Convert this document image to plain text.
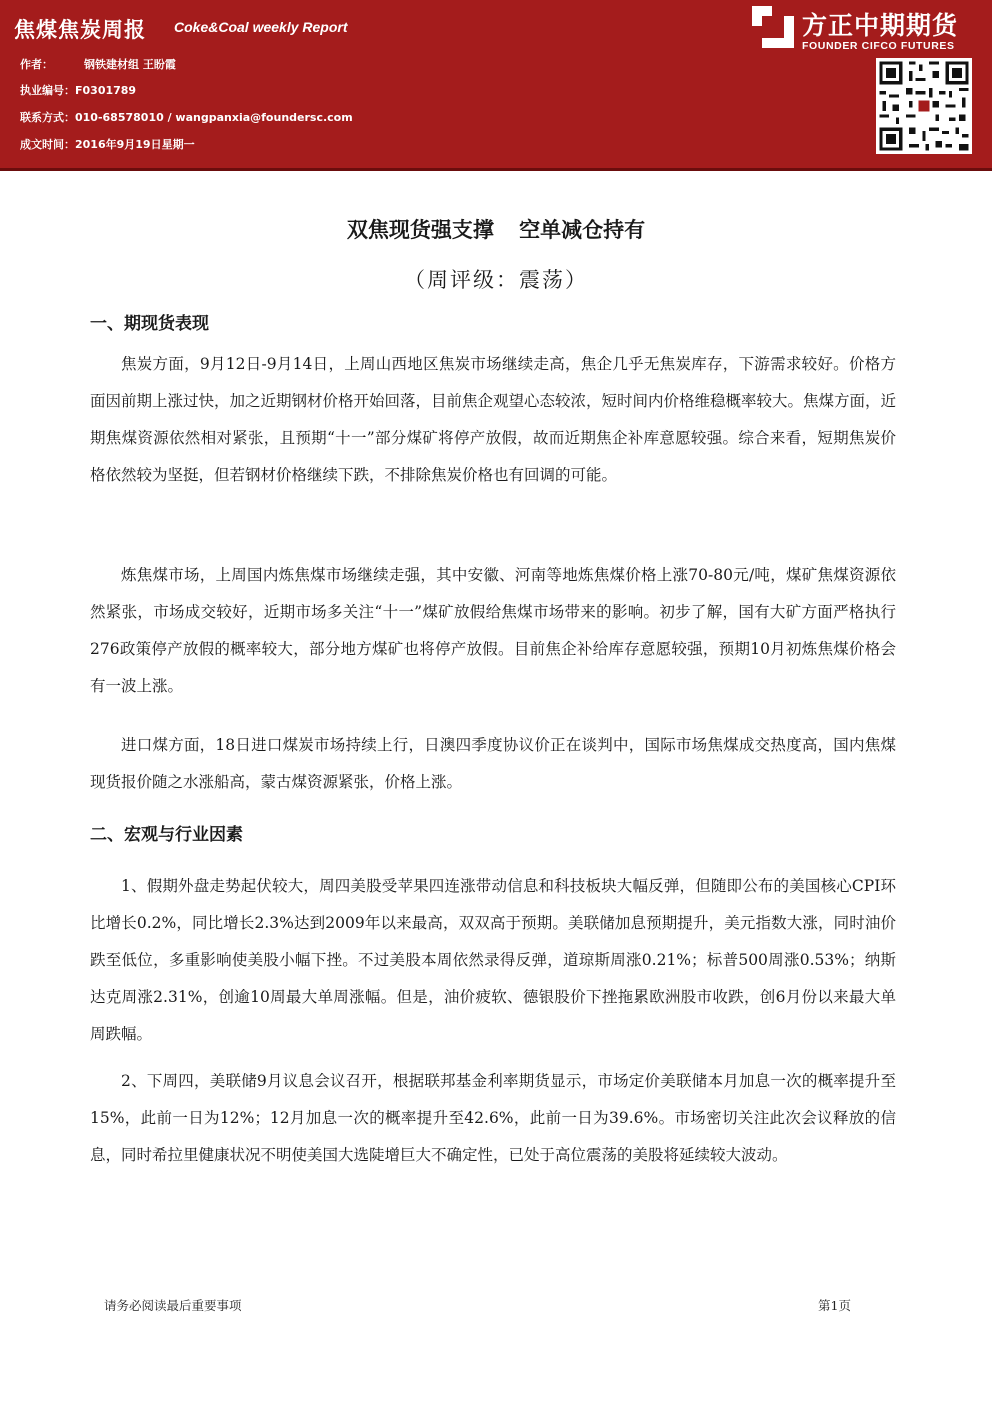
焦煤焦炭周报 Coke&Coal weekly Report
作者：	钢铁建材组 王盼霞
执业编号：F0301789
联系方式：010-68578010 / wangpanxia@foundersc.com
成文时间：2016年9月19日星期一
方正中期期货
FOUNDER CIFCO FUTURES
双焦现货强支撑 空单减仓持有
（周评级：震荡）
一、期现货表现

焦炭方面，9月12日-9月14日，上周山西地区焦炭市场继续走高，焦企几乎无焦炭库存，下游需求较好。价格方面因前期上涨过快，加之近期钢材价格开始回落，目前焦企观望心态较浓，短时间内价格维稳概率较大。焦煤方面，近期焦煤资源依然相对紧张，且预期“十一”部分煤矿将停产放假，故而近期焦企补库意愿较强。综合来看，短期焦炭价格依然较为坚挺，但若钢材价格继续下跌，不排除焦炭价格也有回调的可能。

炼焦煤市场，上周国内炼焦煤市场继续走强，其中安徽、河南等地炼焦煤价格上涨70-80元/吨，煤矿焦煤资源依然紧张，市场成交较好，近期市场多关注“十一”煤矿放假给焦煤市场带来的影响。初步了解，国有大矿方面严格执行276政策停产放假的概率较大，部分地方煤矿也将停产放假。目前焦企补给库存意愿较强，预期10月初炼焦煤价格会有一波上涨。

进口煤方面，18日进口煤炭市场持续上行，日澳四季度协议价正在谈判中，国际市场焦煤成交热度高，国内焦煤现货报价随之水涨船高，蒙古煤资源紧张，价格上涨。

二、宏观与行业因素

1、假期外盘走势起伏较大，周四美股受苹果四连涨带动信息和科技板块大幅反弹，但随即公布的美国核心CPI环比增长0.2%，同比增长2.3%达到2009年以来最高，双双高于预期。美联储加息预期提升，美元指数大涨，同时油价跌至低位，多重影响使美股小幅下挫。不过美股本周依然录得反弹，道琼斯周涨0.21%；标普500周涨0.53%；纳斯达克周涨2.31%，创逾10周最大单周涨幅。但是，油价疲软、德银股价下挫拖累欧洲股市收跌，创6月份以来最大单周跌幅。

2、下周四，美联储9月议息会议召开，根据联邦基金利率期货显示，市场定价美联储本月加息一次的概率提升至15%，此前一日为12%；12月加息一次的概率提升至42.6%，此前一日为39.6%。市场密切关注此次会议释放的信息，同时希拉里健康状况不明使美国大选陡增巨大不确定性，已处于高位震荡的美股将延续较大波动。

请务必阅读最后重要事项	第1页
